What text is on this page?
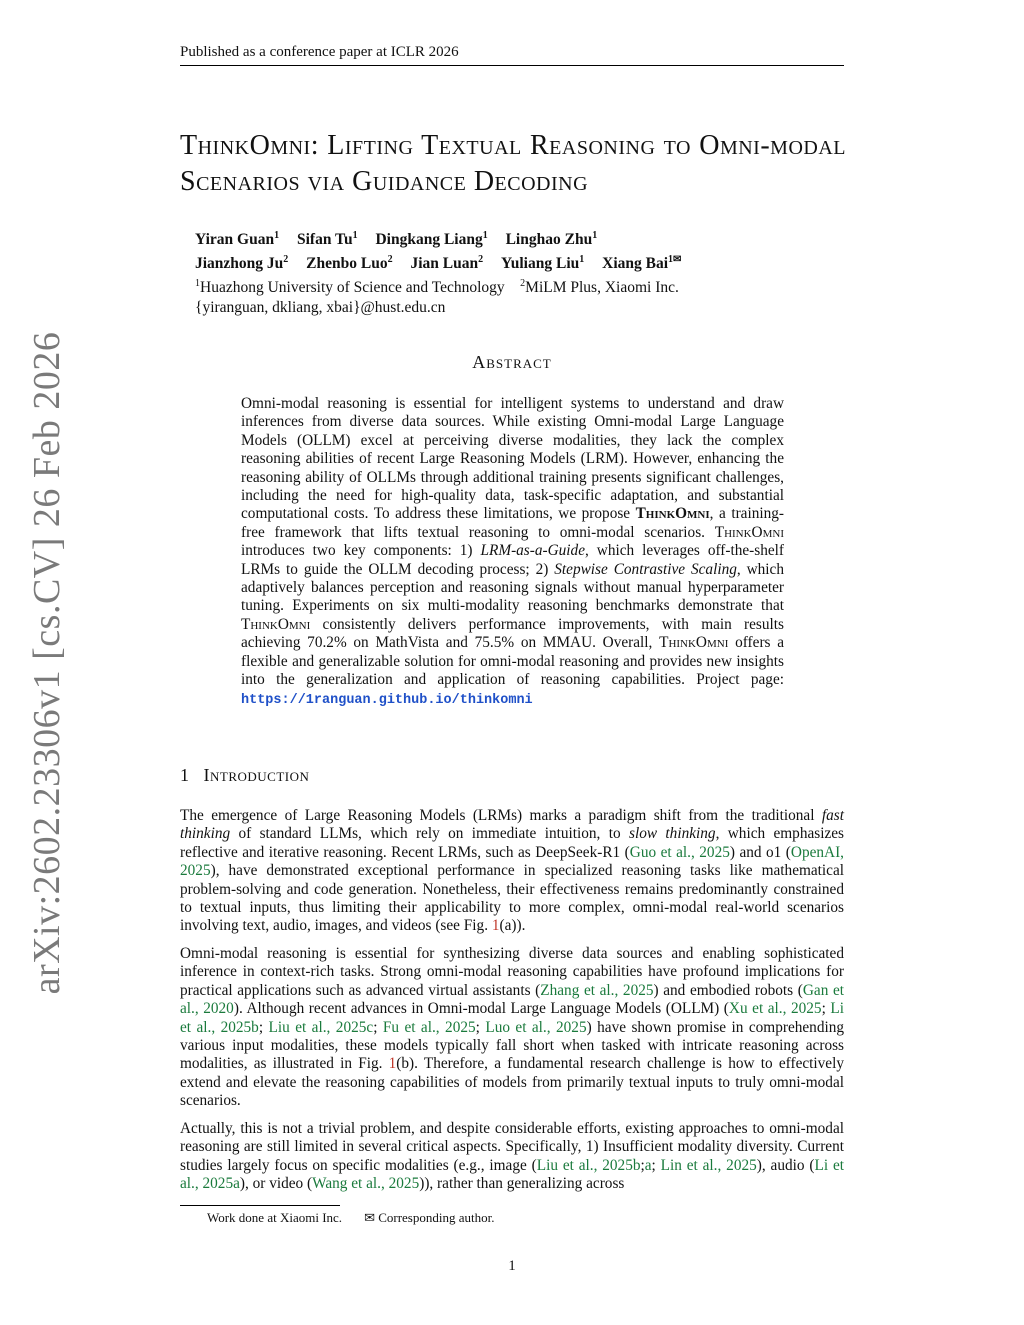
Published as a conference paper at ICLR 2026
ThinkOmni: Lifting Textual Reasoning to Omni-modal Scenarios via Guidance Decoding
Yiran Guan$^1$ Sifan Tu$^1$ Dingkang Liang$^1$ Linghao Zhu$^1$
Jianzhong Ju$^2$ Zhenbo Luo$^2$ Jian Luan$^2$ Yuliang Liu$^1$ Xiang Bai$^{1✉}$
$^1$Huazhong University of Science and Technology $^2$MiLM Plus, Xiaomi Inc.
{yiranguan, dkliang, xbai}@hust.edu.cn
arXiv:2602.23306v1 [cs.CV] 26 Feb 2026	Abstract
Omni-modal reasoning is essential for intelligent systems to understand and draw inferences from diverse data sources. While existing Omni-modal Large Language Models (OLLM) excel at perceiving diverse modalities, they lack the complex reasoning abilities of recent Large Reasoning Models (LRM). However, enhancing the reasoning ability of OLLMs through additional training presents significant challenges, including the need for high-quality data, task-specific adaptation, and substantial computational costs. To address these limitations, we propose ThinkOmni, a training-free framework that lifts textual reasoning to omni-modal scenarios. ThinkOmni introduces two key components: 1) LRM-as-a-Guide, which leverages off-the-shelf LRMs to guide the OLLM decoding process; 2) Stepwise Contrastive Scaling, which adaptively balances perception and reasoning signals without manual hyperparameter tuning. Experiments on six multi-modality reasoning benchmarks demonstrate that ThinkOmni consistently delivers performance improvements, with main results achieving 70.2% on MathVista and 75.5% on MMAU. Overall, ThinkOmni offers a flexible and generalizable solution for omni-modal reasoning and provides new insights into the generalization and application of reasoning capabilities. Project page: https://1ranguan.github.io/thinkomni
1 Introduction
The emergence of Large Reasoning Models (LRMs) marks a paradigm shift from the traditional fast thinking of standard LLMs, which rely on immediate intuition, to slow thinking, which emphasizes reflective and iterative reasoning. Recent LRMs, such as DeepSeek-R1 (Guo et al., 2025) and o1 (OpenAI, 2025), have demonstrated exceptional performance in specialized reasoning tasks like mathematical problem-solving and code generation. Nonetheless, their effectiveness remains predominantly constrained to textual inputs, thus limiting their applicability to more complex, omni-modal real-world scenarios involving text, audio, images, and videos (see Fig. 1(a)).
Omni-modal reasoning is essential for synthesizing diverse data sources and enabling sophisticated inference in context-rich tasks. Strong omni-modal reasoning capabilities have profound implications for practical applications such as advanced virtual assistants (Zhang et al., 2025) and embodied robots (Gan et al., 2020). Although recent advances in Omni-modal Large Language Models (OLLM) (Xu et al., 2025; Li et al., 2025b; Liu et al., 2025c; Fu et al., 2025; Luo et al., 2025) have shown promise in comprehending various input modalities, these models typically fall short when tasked with intricate reasoning across modalities, as illustrated in Fig. 1(b). Therefore, a fundamental research challenge is how to effectively extend and elevate the reasoning capabilities of models from primarily textual inputs to truly omni-modal scenarios.
Actually, this is not a trivial problem, and despite considerable efforts, existing approaches to omni-modal reasoning are still limited in several critical aspects. Specifically, 1) Insufficient modality diversity. Current studies largely focus on specific modalities (e.g., image (Liu et al., 2025b;a; Lin et al., 2025), audio (Li et al., 2025a), or video (Wang et al., 2025)), rather than generalizing across
Work done at Xiaomi Inc. ✉ Corresponding author.
1
